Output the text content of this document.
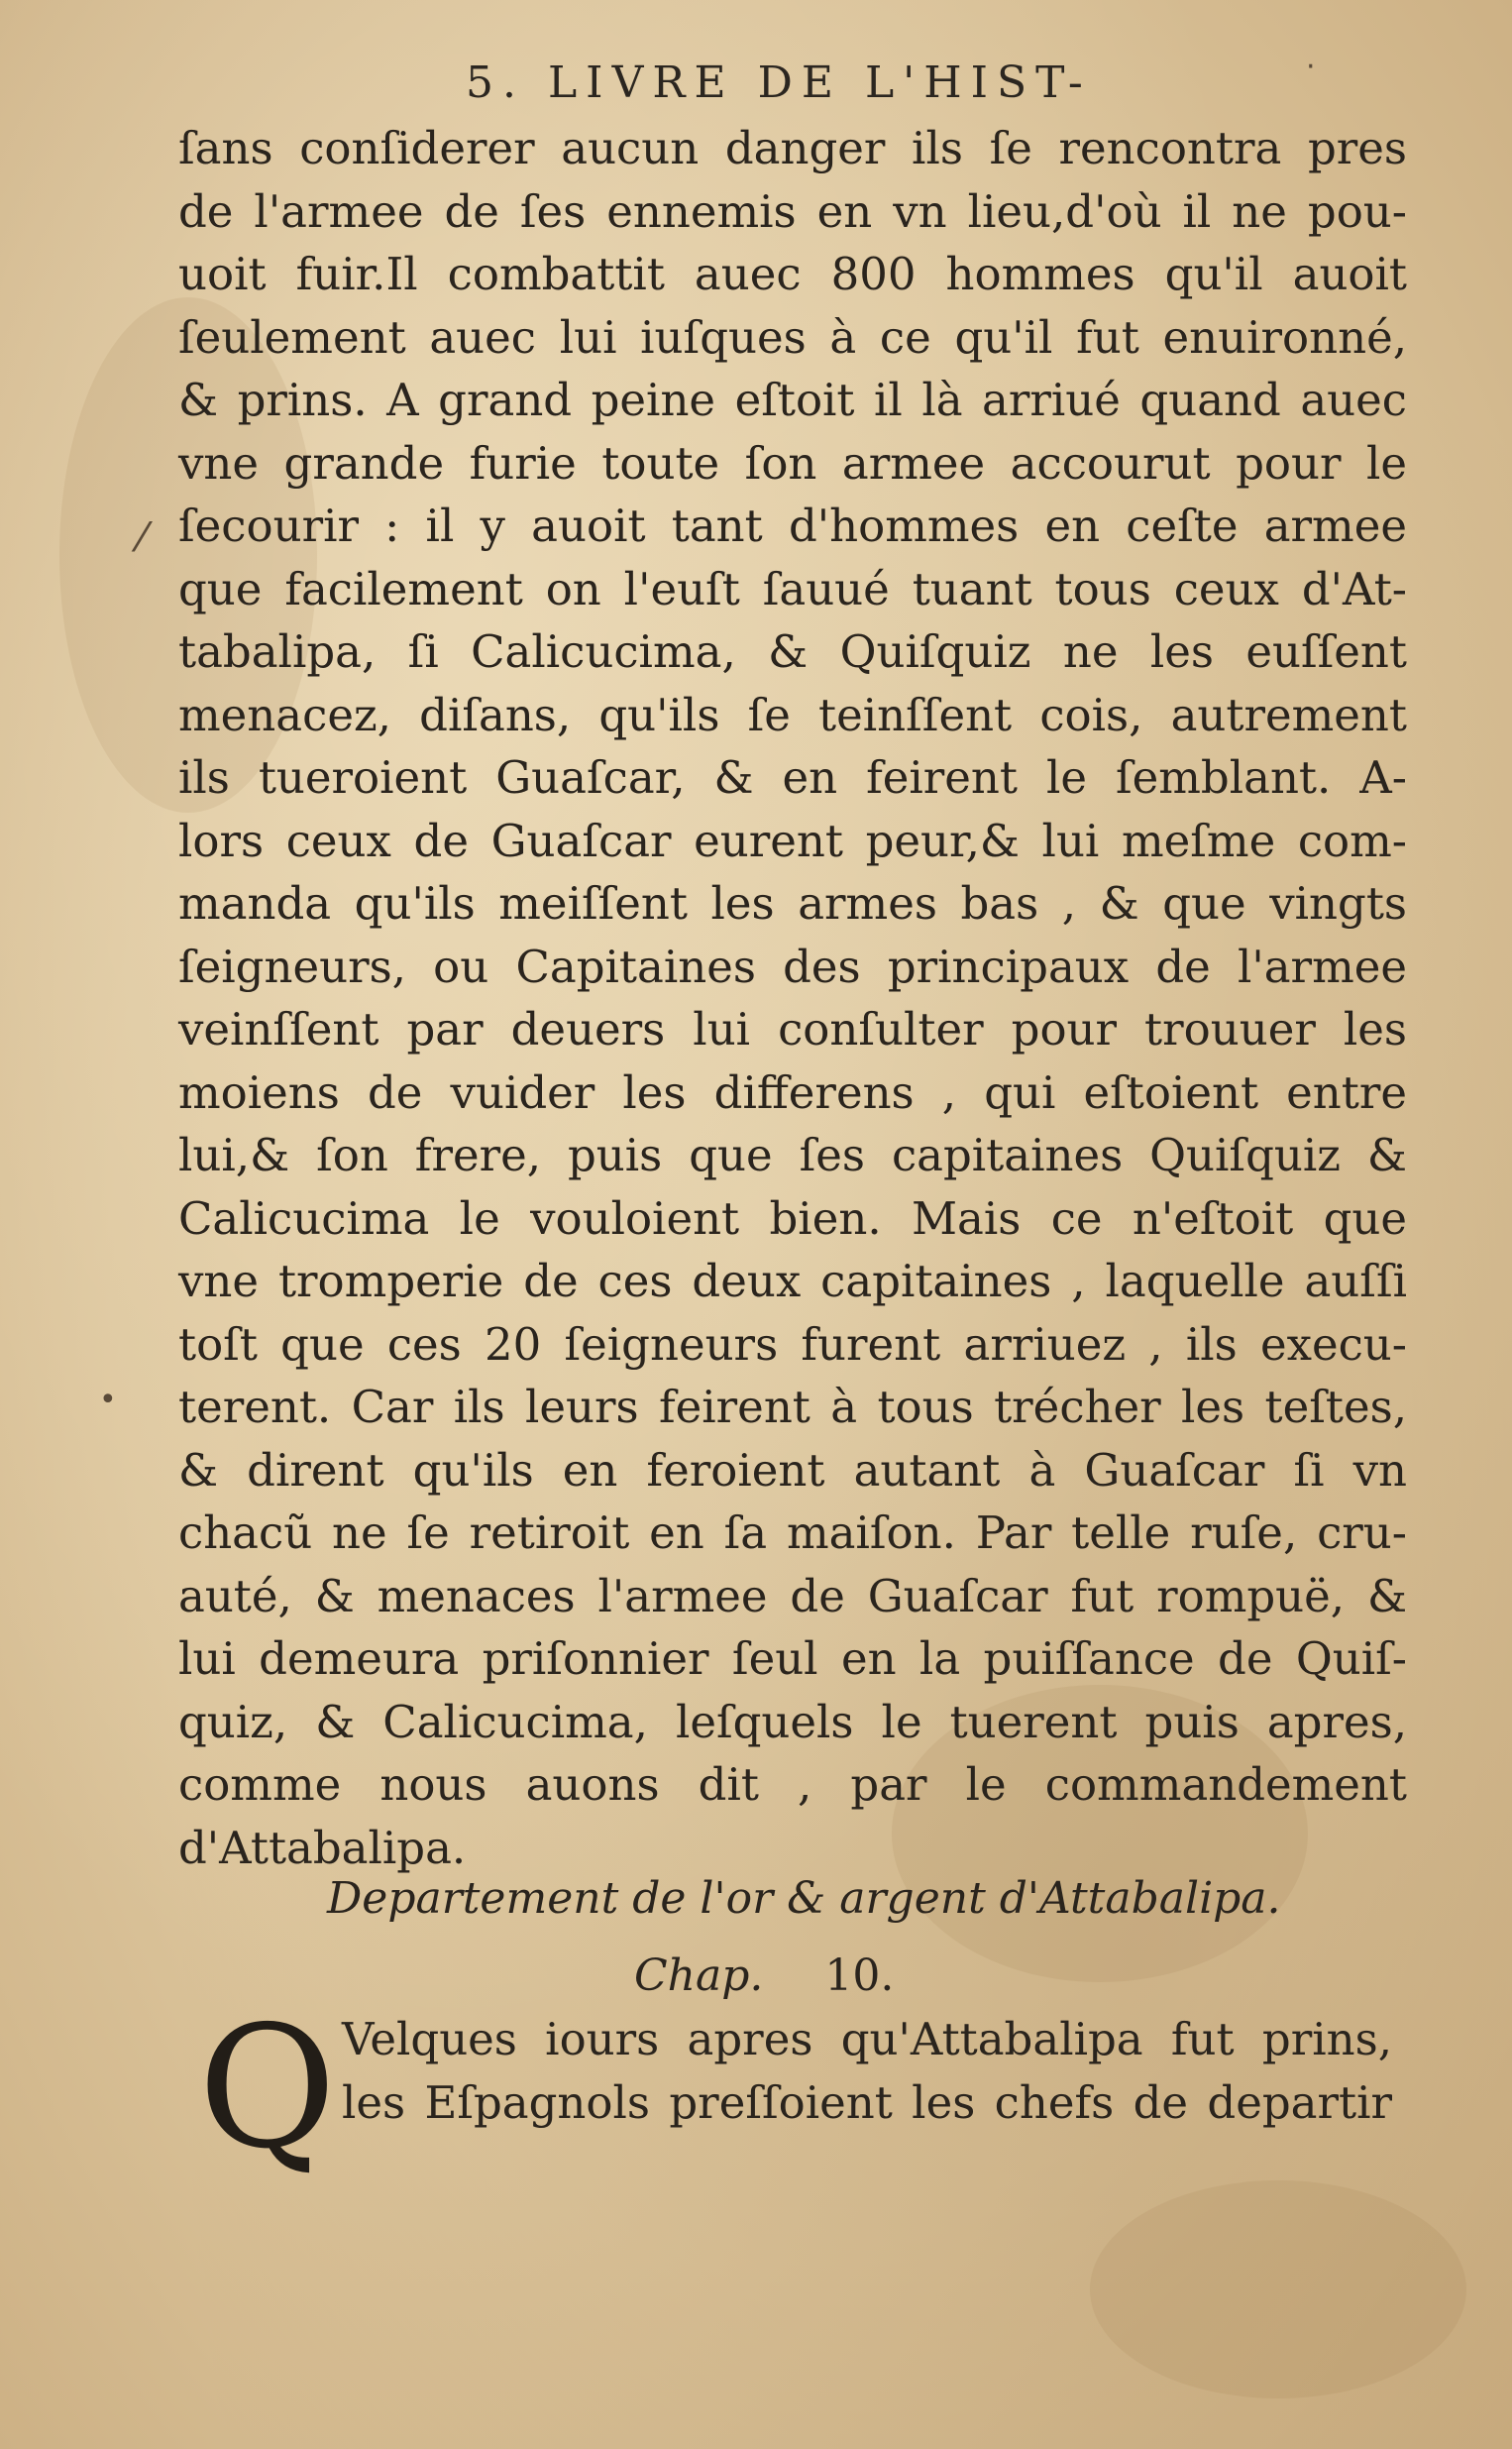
5. LIVRE DE L'HIST-
ſans conſiderer aucun danger ils ſe rencontra pres
de l'armee de ſes ennemis en vn lieu,d'où il ne pou-
uoit fuir.Il combattit auec 800 hommes qu'il auoit
ſeulement auec lui iuſques à ce qu'il fut enuironné,
& prins. A grand peine eſtoit il là arriué quand auec
vne grande furie toute ſon armee accourut pour le
ſecourir : il y auoit tant d'hommes en ceſte armee
que facilement on l'euſt ſauué tuant tous ceux d'At-
tabalipa, ſi Calicucima, & Quiſquiz ne les euſſent
menacez, diſans, qu'ils ſe teinſſent cois, autrement
ils tueroient Guaſcar, & en feirent le ſemblant. A-
lors ceux de Guaſcar eurent peur,& lui meſme com-
manda qu'ils meiſſent les armes bas , & que vingts
ſeigneurs, ou Capitaines des principaux de l'armee
veinſſent par deuers lui conſulter pour trouuer les
moiens de vuider les differens , qui eſtoient entre
lui,& ſon frere, puis que ſes capitaines Quiſquiz &
Calicucima le vouloient bien. Mais ce n'eſtoit que
vne tromperie de ces deux capitaines , laquelle auſſi
toſt que ces 20 ſeigneurs furent arriuez , ils execu-
terent. Car ils leurs feirent à tous trécher les teſtes,
& dirent qu'ils en feroient autant à Guaſcar ſi vn
chacũ ne ſe retiroit en ſa maiſon. Par telle ruſe, cru-
auté, & menaces l'armee de Guaſcar fut rompuë, &
lui demeura priſonnier ſeul en la puiſſance de Quiſ-
quiz, & Calicucima, leſquels le tuerent puis apres,
comme nous auons dit , par le commandement
d'Attabalipa.
Departement de l'or & argent d'Attabalipa.
Chap. 10.
Q Velques iours apres qu'Attabalipa fut prins,
les Eſpagnols preſſoient les chefs de departir
·
⁄
•
